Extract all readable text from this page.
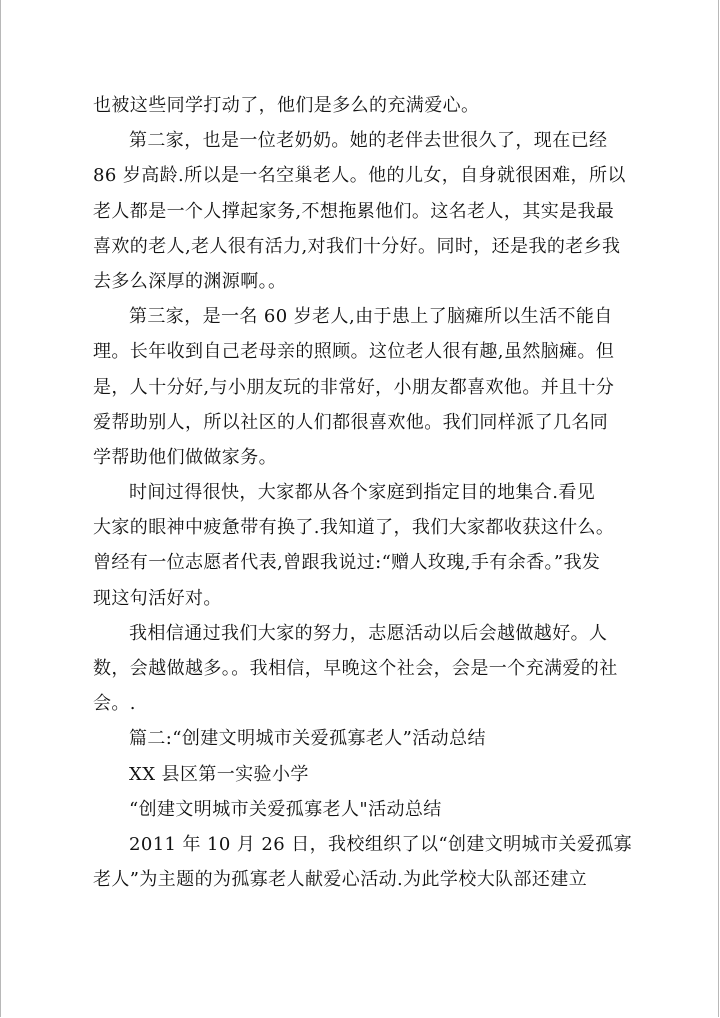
也被这些同学打动了，他们是多么的充满爱心。
第二家，也是一位老奶奶。她的老伴去世很久了，现在已经
86 岁高龄.所以是一名空巢老人。他的儿女，自身就很困难，所以
老人都是一个人撑起家务,不想拖累他们。这名老人，其实是我最
喜欢的老人,老人很有活力,对我们十分好。同时，还是我的老乡我
去多么深厚的渊源啊。。
第三家，是一名 60 岁老人,由于患上了脑瘫所以生活不能自
理。长年收到自己老母亲的照顾。这位老人很有趣,虽然脑瘫。但
是，人十分好,与小朋友玩的非常好，小朋友都喜欢他。并且十分
爱帮助别人，所以社区的人们都很喜欢他。我们同样派了几名同
学帮助他们做做家务。
时间过得很快，大家都从各个家庭到指定目的地集合.看见
大家的眼神中疲惫带有换了.我知道了，我们大家都收获这什么。
曾经有一位志愿者代表,曾跟我说过:“赠人玫瑰,手有余香。”我发
现这句活好对。
我相信通过我们大家的努力，志愿活动以后会越做越好。人
数，会越做越多。。我相信，早晚这个社会，会是一个充满爱的社
会。.
篇二:“创建文明城市关爱孤寡老人”活动总结
XX 县区第一实验小学
“创建文明城市关爱孤寡老人"活动总结
2011 年 10 月 26 日，我校组织了以“创建文明城市关爱孤寡
老人”为主题的为孤寡老人献爱心活动.为此学校大队部还建立
